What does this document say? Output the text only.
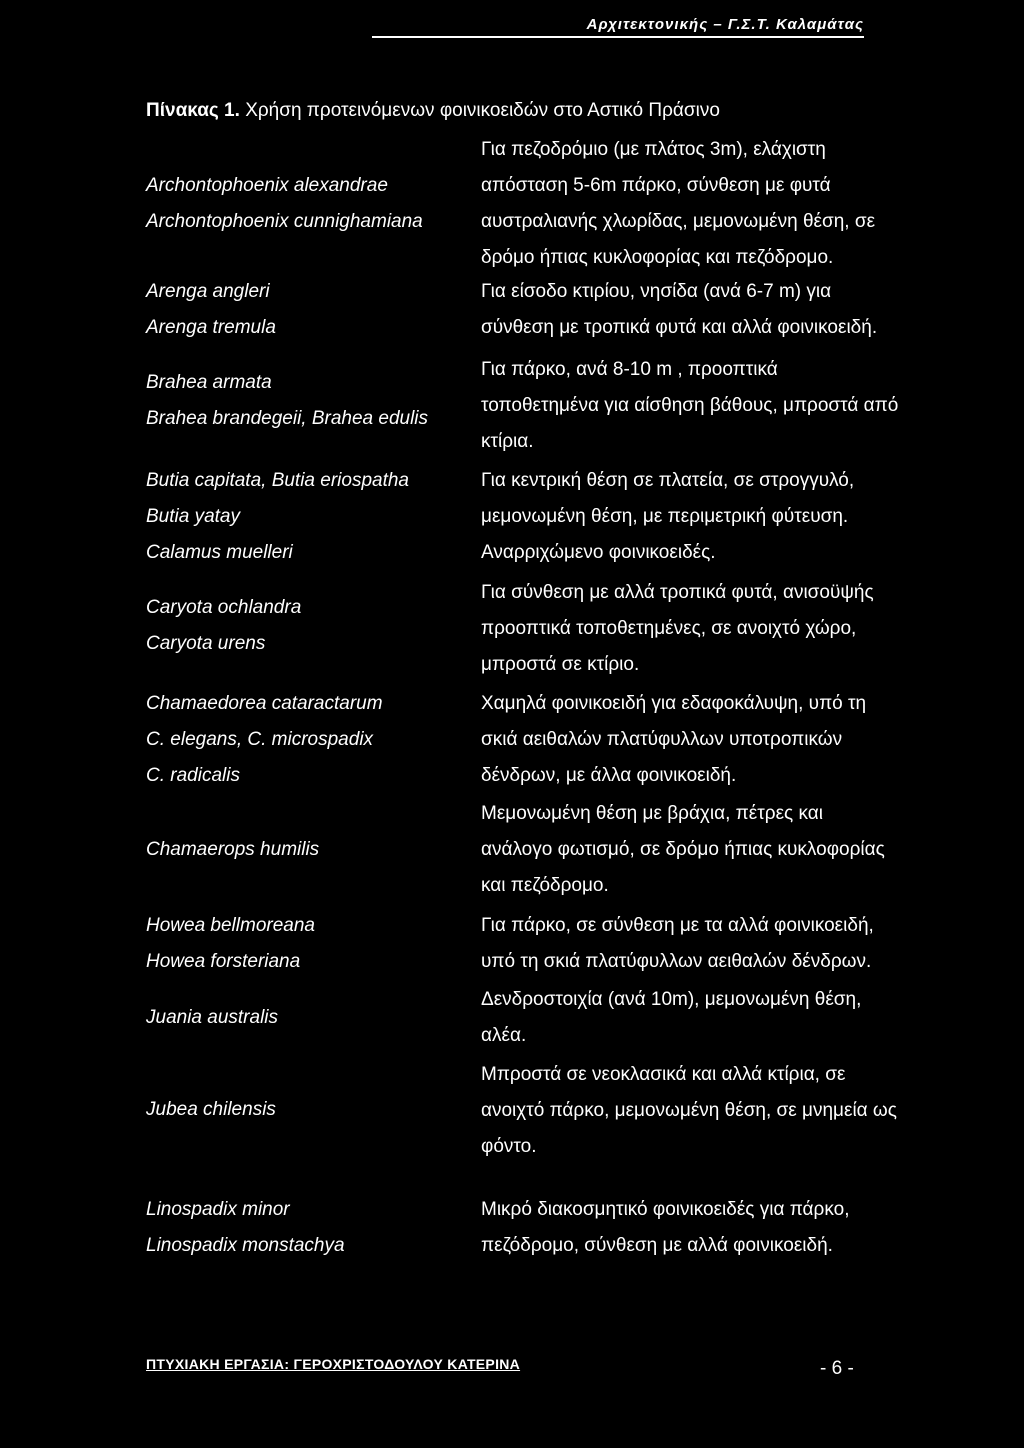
Αρχιτεκτονικής – Γ.Σ.Τ. Καλαμάτας
Πίνακας 1. Χρήση προτεινόμενων φοινικοειδών στο Αστικό Πράσινο
Archontophoenix alexandrae
Archontophoenix cunnighamiana
Για πεζοδρόμιο (με πλάτος 3m), ελάχιστη
απόσταση 5-6m πάρκο, σύνθεση με φυτά
αυστραλιανής χλωρίδας, μεμονωμένη θέση, σε
δρόμο ήπιας κυκλοφορίας και πεζόδρομο.
Arenga angleri
Arenga tremula
Για είσοδο κτιρίου, νησίδα (ανά 6-7 m) για
σύνθεση με τροπικά φυτά και αλλά φοινικοειδή.
Brahea armata
Brahea brandegeii, Brahea edulis
Για πάρκο, ανά 8-10 m , προοπτικά
τοποθετημένα για αίσθηση βάθους, μπροστά από
κτίρια.
Butia capitata, Butia eriospatha
Butia yatay
Για κεντρική θέση σε πλατεία, σε στρογγυλό,
μεμονωμένη θέση, με περιμετρική φύτευση.
Calamus muelleri	Αναρριχώμενο φοινικοειδές.
Caryota ochlandra
Caryota urens
Για σύνθεση με αλλά τροπικά φυτά, ανισοϋψής
προοπτικά τοποθετημένες, σε ανοιχτό χώρο,
μπροστά σε κτίριο.
Chamaedorea cataractarum
C. elegans, C. microspadix
C. radicalis
Χαμηλά φοινικοειδή για εδαφοκάλυψη, υπό τη
σκιά αειθαλών πλατύφυλλων υποτροπικών
δένδρων, με άλλα φοινικοειδή.
Chamaerops humilis
Μεμονωμένη θέση με βράχια, πέτρες και
ανάλογο φωτισμό, σε δρόμο ήπιας κυκλοφορίας
και πεζόδρομο.
Howea bellmoreana
Howea forsteriana
Για πάρκο, σε σύνθεση με τα αλλά φοινικοειδή,
υπό τη σκιά πλατύφυλλων αειθαλών δένδρων.
Juania australis
Δενδροστοιχία (ανά 10m), μεμονωμένη θέση,
αλέα.
Jubea chilensis
Μπροστά σε νεοκλασικά και αλλά κτίρια, σε
ανοιχτό πάρκο, μεμονωμένη θέση, σε μνημεία ως
φόντο.
Linospadix minor
Linospadix monstachya
Μικρό διακοσμητικό φοινικοειδές για πάρκο,
πεζόδρομο, σύνθεση με αλλά φοινικοειδή.
ΠΤΥΧΙΑΚΗ ΕΡΓΑΣΙΑ: ΓΕΡΟΧΡΙΣΤΟΔΟΥΛΟΥ ΚΑΤΕΡΙΝΑ	- 6 -
